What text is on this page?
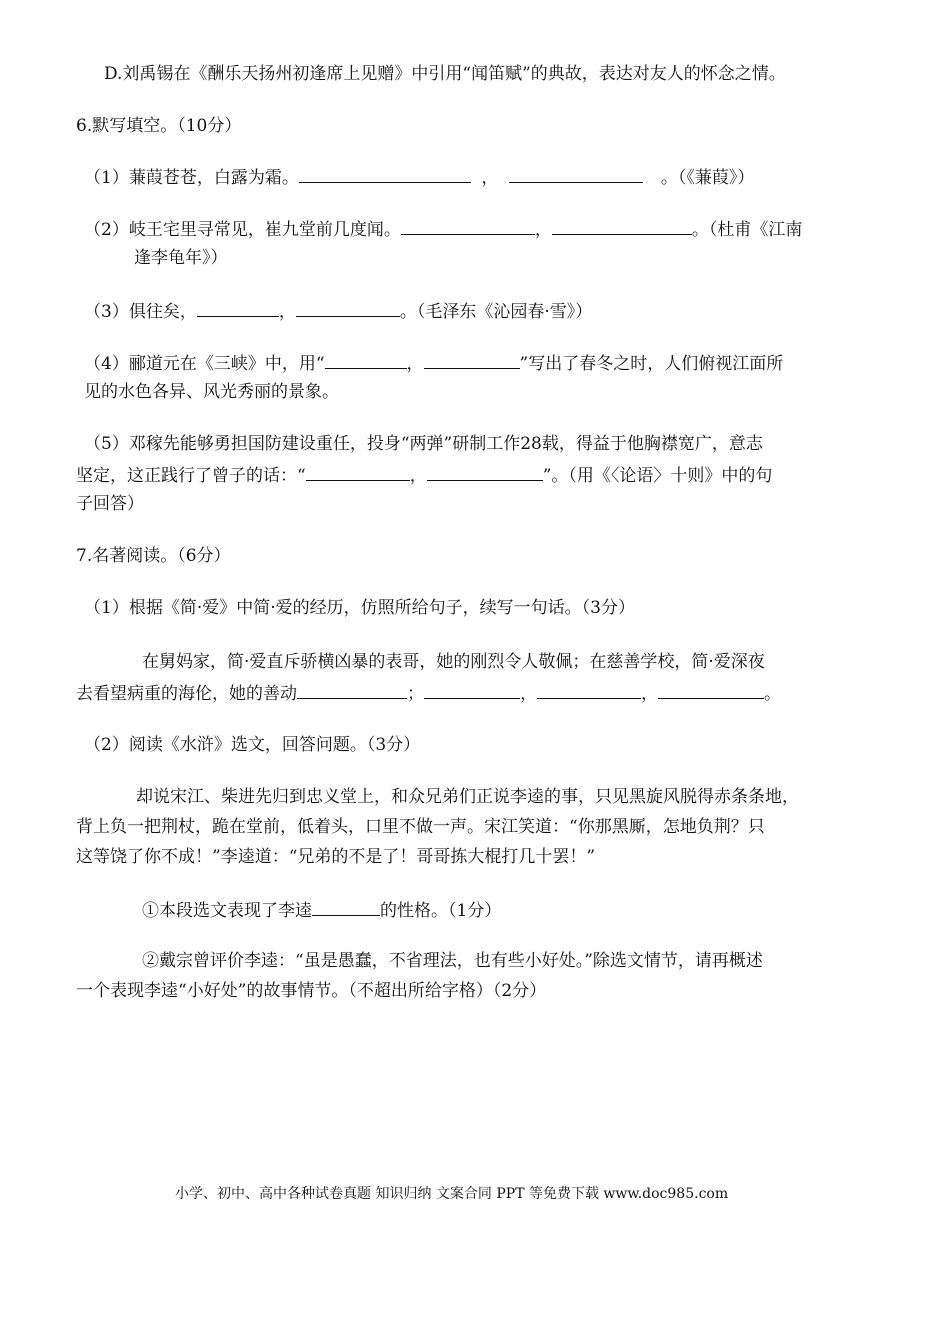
D.刘禹锡在《酬乐天扬州初逢席上见赠》中引用“闻笛赋”的典故，表达对友人的怀念之情。
6.默写填空。（10分）
（1）蒹葭苍苍，白露为霜。	，	。（《蒹葭》）
（2）岐王宅里寻常见，崔九堂前几度闻。	，	。（杜甫《江南
逢李龟年》）
（3）俱往矣，	，	。（毛泽东《沁园春·雪》）
（4）郦道元在《三峡》中，用“	，	”写出了春冬之时，人们俯视江面所
见的水色各异、风光秀丽的景象。
（5）邓稼先能够勇担国防建设重任，投身“两弹”研制工作28载，得益于他胸襟宽广，意志
坚定，这正践行了曾子的话：“	，	”。（用《〈论语〉十则》中的句
子回答）
7.名著阅读。（6分）
（1）根据《简·爱》中简·爱的经历，仿照所给句子，续写一句话。（3分）
在舅妈家，简·爱直斥骄横凶暴的表哥，她的刚烈令人敬佩；在慈善学校，简·爱深夜
去看望病重的海伦，她的善动	；	，	，	。
（2）阅读《水浒》选文，回答问题。（3分）
却说宋江、柴进先归到忠义堂上，和众兄弟们正说李逵的事，只见黑旋风脱得赤条条地，
背上负一把荆杖，跪在堂前，低着头，口里不做一声。宋江笑道：“你那黑厮，怎地负荆？只
这等饶了你不成！”李逵道：“兄弟的不是了！哥哥拣大棍打几十罢！”
①本段选文表现了李逵	的性格。（1分）
②戴宗曾评价李逵：“虽是愚蠢，不省理法，也有些小好处。”除选文情节，请再概述
一个表现李逵“小好处”的故事情节。（不超出所给字格）（2分）
小学、初中、高中各种试卷真题 知识归纳 文案合同 PPT 等免费下载 www.doc985.com
